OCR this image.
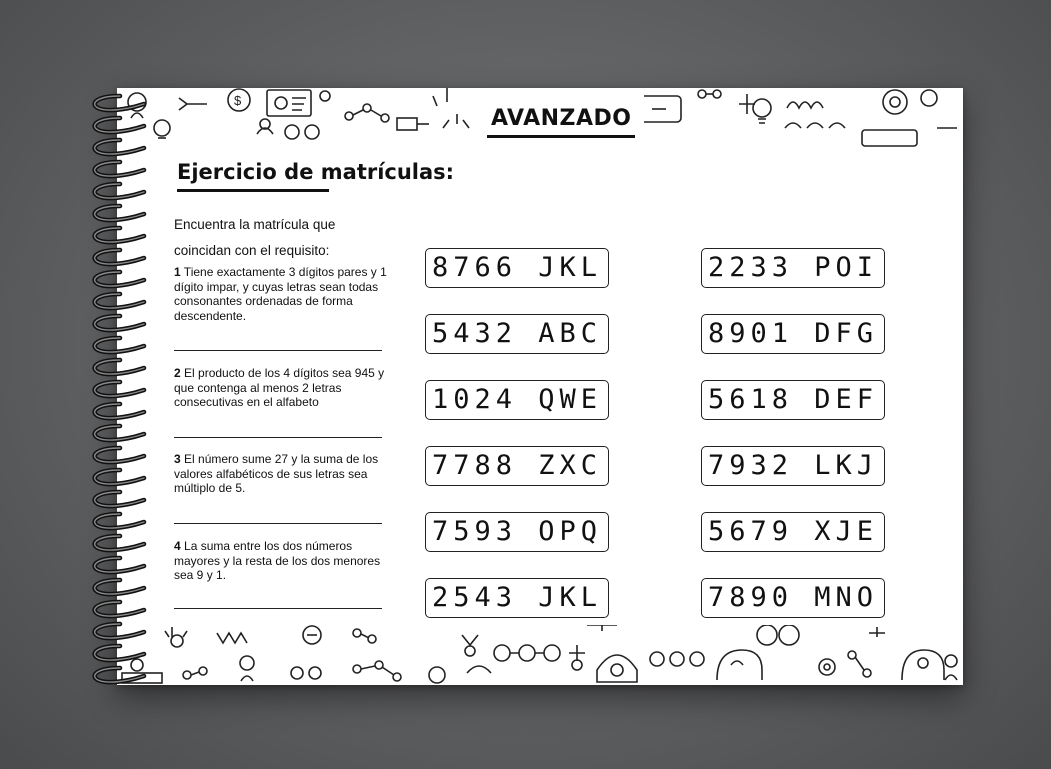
$
AVANZADO
Ejercicio de matrículas:
Encuentra la matrícula que coincidan con el requisito:
1 Tiene exactamente 3 dígitos pares y 1 dígito impar, y cuyas letras sean todas consonantes ordenadas de forma descendente.
2 El producto de los 4 dígitos sea 945 y que contenga al menos 2 letras consecutivas en el alfabeto
3 El número sume 27 y la suma de los valores alfabéticos de sus letras sea múltiplo de 5.
4 La suma entre los dos números mayores y la resta de los dos menores sea 9 y 1.
8766 JKL
5432 ABC
1024 QWE
7788 ZXC
7593 OPQ
2543 JKL
2233 POI
8901 DFG
5618 DEF
7932 LKJ
5679 XJE
7890 MNO
